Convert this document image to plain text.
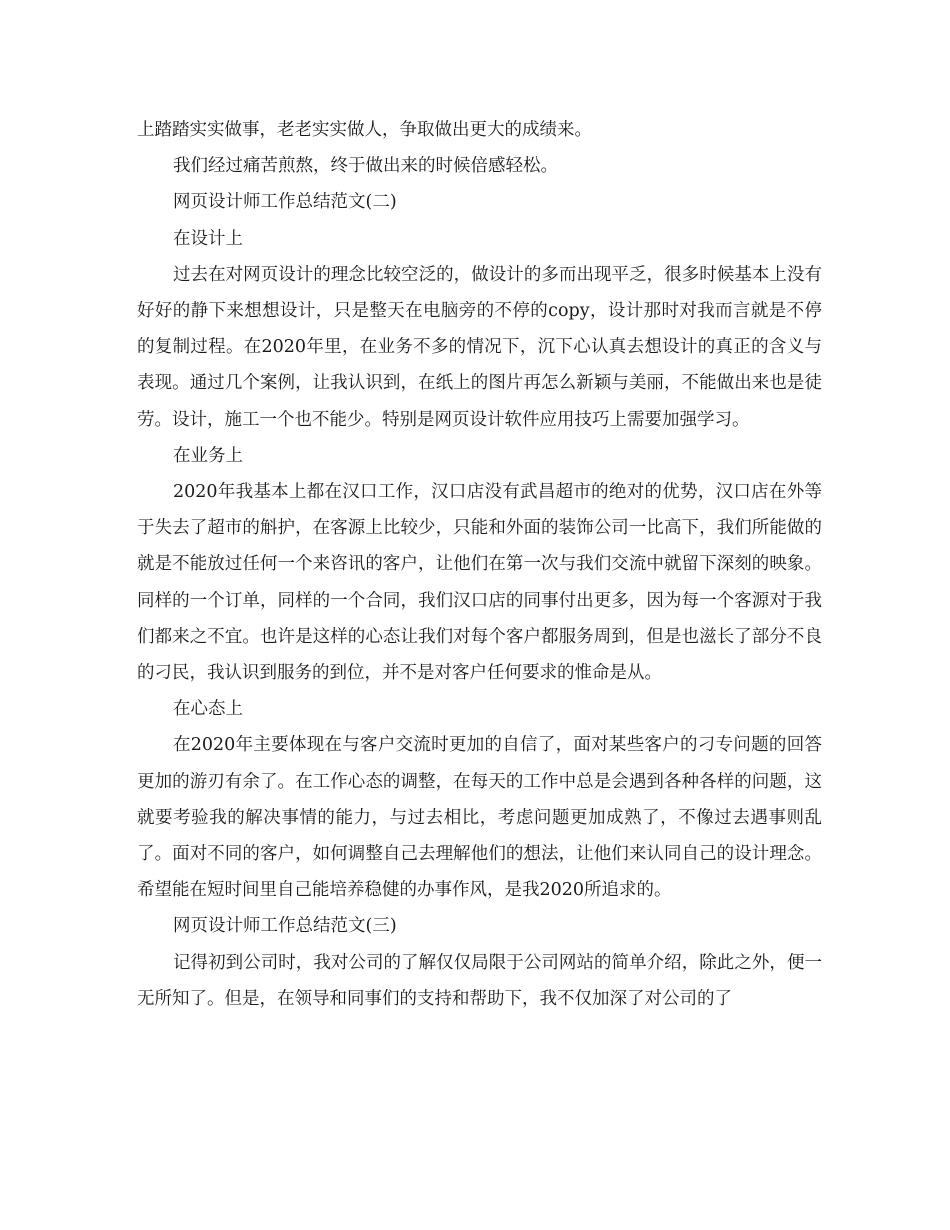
上踏踏实实做事，老老实实做人，争取做出更大的成绩来。

我们经过痛苦煎熬，终于做出来的时候倍感轻松。

网页设计师工作总结范文(二)

在设计上

过去在对网页设计的理念比较空泛的，做设计的多而出现平乏，很多时候基本上没有好好的静下来想想设计，只是整天在电脑旁的不停的copy，设计那时对我而言就是不停的复制过程。在2020年里，在业务不多的情况下，沉下心认真去想设计的真正的含义与表现。通过几个案例，让我认识到，在纸上的图片再怎么新颖与美丽，不能做出来也是徒劳。设计，施工一个也不能少。特别是网页设计软件应用技巧上需要加强学习。

在业务上

2020年我基本上都在汉口工作，汉口店没有武昌超市的绝对的优势，汉口店在外等于失去了超市的斛护，在客源上比较少，只能和外面的装饰公司一比高下，我们所能做的就是不能放过任何一个来咨讯的客户，让他们在第一次与我们交流中就留下深刻的映象。同样的一个订单，同样的一个合同，我们汉口店的同事付出更多，因为每一个客源对于我们都来之不宜。也许是这样的心态让我们对每个客户都服务周到，但是也滋长了部分不良的刁民，我认识到服务的到位，并不是对客户任何要求的惟命是从。

在心态上

在2020年主要体现在与客户交流时更加的自信了，面对某些客户的刁专问题的回答更加的游刃有余了。在工作心态的调整，在每天的工作中总是会遇到各种各样的问题，这就要考验我的解决事情的能力，与过去相比，考虑问题更加成熟了，不像过去遇事则乱了。面对不同的客户，如何调整自己去理解他们的想法，让他们来认同自己的设计理念。希望能在短时间里自己能培养稳健的办事作风，是我2020所追求的。

网页设计师工作总结范文(三)

记得初到公司时，我对公司的了解仅仅局限于公司网站的简单介绍，除此之外，便一无所知了。但是，在领导和同事们的支持和帮助下，我不仅加深了对公司的了
